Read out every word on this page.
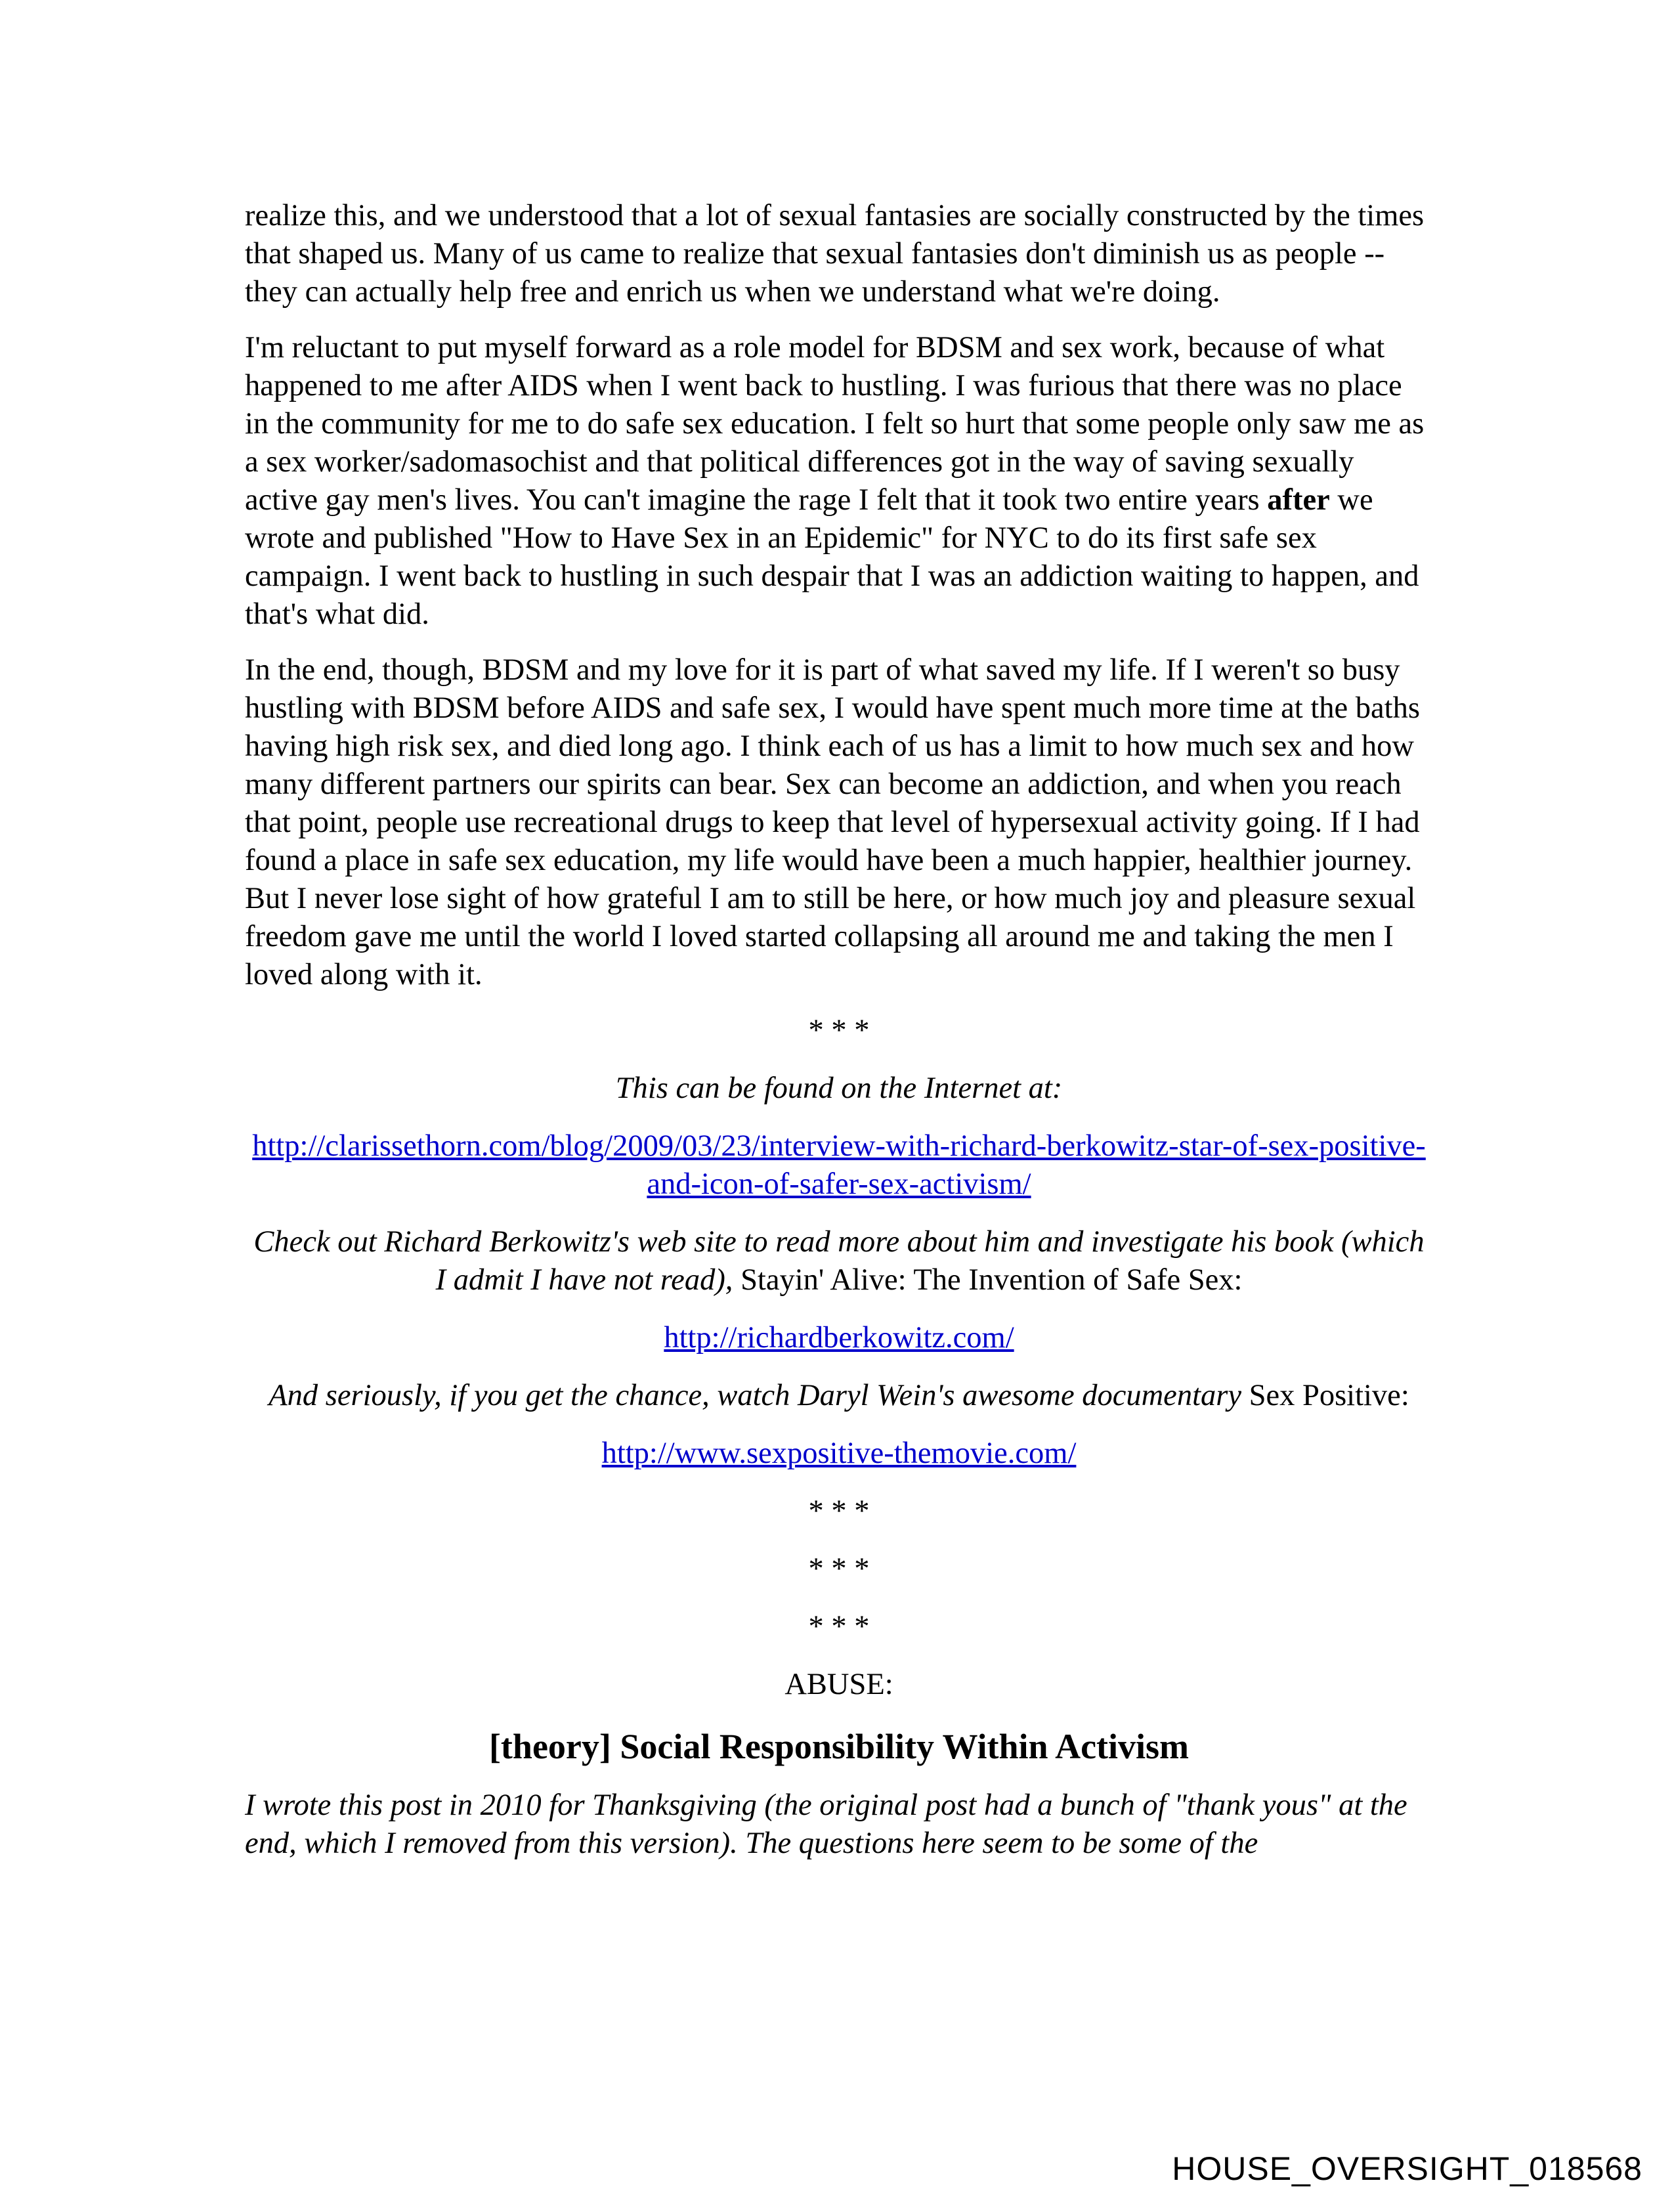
realize this, and we understood that a lot of sexual fantasies are socially constructed by the times that shaped us. Many of us came to realize that sexual fantasies don't diminish us as people -- they can actually help free and enrich us when we understand what we're doing.

I'm reluctant to put myself forward as a role model for BDSM and sex work, because of what happened to me after AIDS when I went back to hustling. I was furious that there was no place in the community for me to do safe sex education. I felt so hurt that some people only saw me as a sex worker/sadomasochist and that political differences got in the way of saving sexually active gay men's lives. You can't imagine the rage I felt that it took two entire years after we wrote and published "How to Have Sex in an Epidemic" for NYC to do its first safe sex campaign. I went back to hustling in such despair that I was an addiction waiting to happen, and that's what did.

In the end, though, BDSM and my love for it is part of what saved my life. If I weren't so busy hustling with BDSM before AIDS and safe sex, I would have spent much more time at the baths having high risk sex, and died long ago. I think each of us has a limit to how much sex and how many different partners our spirits can bear. Sex can become an addiction, and when you reach that point, people use recreational drugs to keep that level of hypersexual activity going. If I had found a place in safe sex education, my life would have been a much happier, healthier journey. But I never lose sight of how grateful I am to still be here, or how much joy and pleasure sexual freedom gave me until the world I loved started collapsing all around me and taking the men I loved along with it.

* * *

This can be found on the Internet at:

http://clarissethorn.com/blog/2009/03/23/interview-with-richard-berkowitz-star-of-sex-positive-and-icon-of-safer-sex-activism/

Check out Richard Berkowitz's web site to read more about him and investigate his book (which I admit I have not read), Stayin' Alive: The Invention of Safe Sex:

http://richardberkowitz.com/

And seriously, if you get the chance, watch Daryl Wein's awesome documentary Sex Positive:

http://www.sexpositive-themovie.com/

* * *

* * *

* * *

ABUSE:

[theory] Social Responsibility Within Activism

I wrote this post in 2010 for Thanksgiving (the original post had a bunch of "thank yous" at the end, which I removed from this version). The questions here seem to be some of the

HOUSE_OVERSIGHT_018568
